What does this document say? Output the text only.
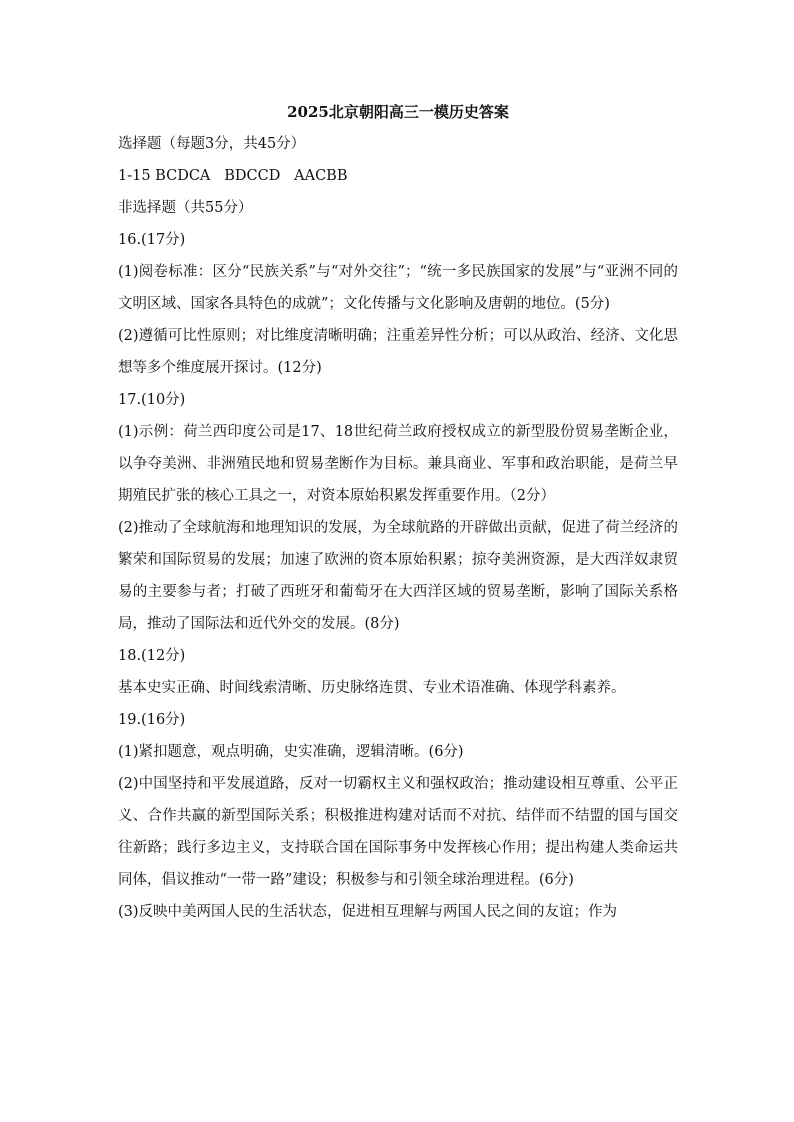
2025北京朝阳高三一模历史答案

选择题（每题3分，共45分）

1-15 BCDCA   BDCCD   AACBB

非选择题（共55分）

16.(17分)

(1)阅卷标准：区分“民族关系”与“对外交往”；“统一多民族国家的发展”与“亚洲不同的文明区域、国家各具特色的成就”；文化传播与文化影响及唐朝的地位。(5分)

(2)遵循可比性原则；对比维度清晰明确；注重差异性分析；可以从政治、经济、文化思想等多个维度展开探讨。(12分)

17.(10分)

(1)示例：荷兰西印度公司是17、18世纪荷兰政府授权成立的新型股份贸易垄断企业，以争夺美洲、非洲殖民地和贸易垄断作为目标。兼具商业、军事和政治职能，是荷兰早期殖民扩张的核心工具之一，对资本原始积累发挥重要作用。（2分）

(2)推动了全球航海和地理知识的发展，为全球航路的开辟做出贡献，促进了荷兰经济的繁荣和国际贸易的发展；加速了欧洲的资本原始积累；掠夺美洲资源，是大西洋奴隶贸易的主要参与者；打破了西班牙和葡萄牙在大西洋区域的贸易垄断，影响了国际关系格局，推动了国际法和近代外交的发展。(8分)

18.(12分)

基本史实正确、时间线索清晰、历史脉络连贯、专业术语准确、体现学科素养。

19.(16分)

(1)紧扣题意，观点明确，史实准确，逻辑清晰。(6分)

(2)中国坚持和平发展道路，反对一切霸权主义和强权政治；推动建设相互尊重、公平正义、合作共赢的新型国际关系；积极推进构建对话而不对抗、结伴而不结盟的国与国交往新路；践行多边主义，支持联合国在国际事务中发挥核心作用；提出构建人类命运共同体，倡议推动“一带一路”建设；积极参与和引领全球治理进程。(6分)

(3)反映中美两国人民的生活状态，促进相互理解与两国人民之间的友谊；作为
